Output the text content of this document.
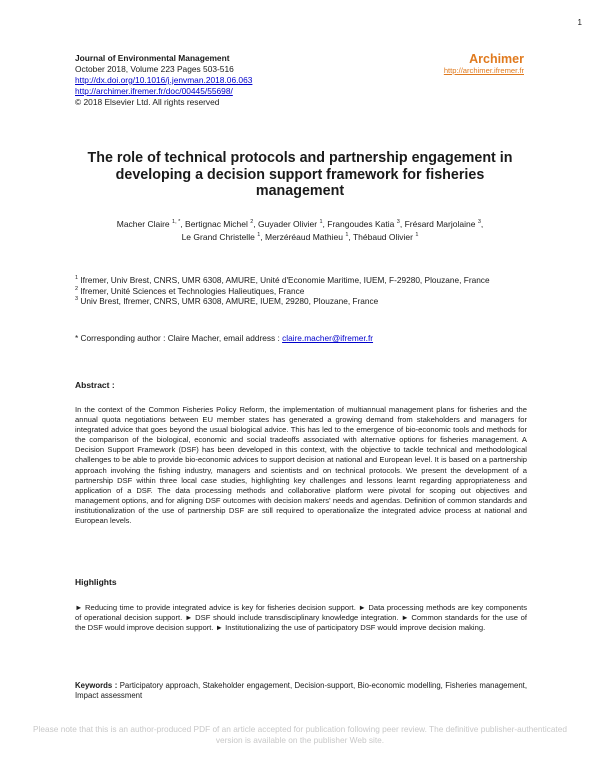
1
Journal of Environmental Management
October 2018, Volume 223 Pages 503-516
http://dx.doi.org/10.1016/j.jenvman.2018.06.063
http://archimer.ifremer.fr/doc/00445/55698/
© 2018 Elsevier Ltd. All rights reserved
Archimer
http://archimer.ifremer.fr
The role of technical protocols and partnership engagement in developing a decision support framework for fisheries management
Macher Claire $^{1, *}$, Bertignac Michel $^2$, Guyader Olivier $^1$, Frangoudes Katia $^3$, Frésard Marjolaine $^3$,
Le Grand Christelle $^1$, Merzéréaud Mathieu $^1$, Thébaud Olivier $^1$

$^1$ Ifremer, Univ Brest, CNRS, UMR 6308, AMURE, Unité d'Economie Maritime, IUEM, F-29280, Plouzane, France

$^2$ Ifremer, Unité Sciences et Technologies Halieutiques, France

$^3$ Univ Brest, Ifremer, CNRS, UMR 6308, AMURE, IUEM, 29280, Plouzane, France

* Corresponding author : Claire Macher, email address : claire.macher@ifremer.fr
Abstract :

In the context of the Common Fisheries Policy Reform, the implementation of multiannual management plans for fisheries and the annual quota negotiations between EU member states has generated a growing demand from stakeholders and managers for integrated advice that goes beyond the usual biological advice. This has led to the emergence of bio-economic tools and methods for the comparison of the biological, economic and social tradeoffs associated with alternative options for fisheries management. A Decision Support Framework (DSF) has been developed in this context, with the objective to tackle technical and methodological challenges to be able to provide bio-economic advices to support decision at national and European level. It is based on a partnership approach involving the fishing industry, managers and scientists and on technical protocols. We present the development of a partnership DSF within three local case studies, highlighting key challenges and lessons learnt regarding appropriateness and application of a DSF. The data processing methods and collaborative platform were pivotal for scoping out objectives and management options, and for aligning DSF outcomes with decision makers' needs and agendas. Definition of common standards and institutionalization of the use of partnership DSF are still required to operationalize the integrated advice process at national and European levels.

Highlights

► Reducing time to provide integrated advice is key for fisheries decision support. ► Data processing methods are key components of operational decision support. ► DSF should include transdisciplinary knowledge integration. ► Common standards for the use of the DSF would improve decision support. ► Institutionalizing the use of participatory DSF would improve decision making.

Keywords : Participatory approach, Stakeholder engagement, Decision-support, Bio-economic modelling, Fisheries management, Impact assessment
Please note that this is an author-produced PDF of an article accepted for publication following peer review. The definitive publisher-authenticated version is available on the publisher Web site.
